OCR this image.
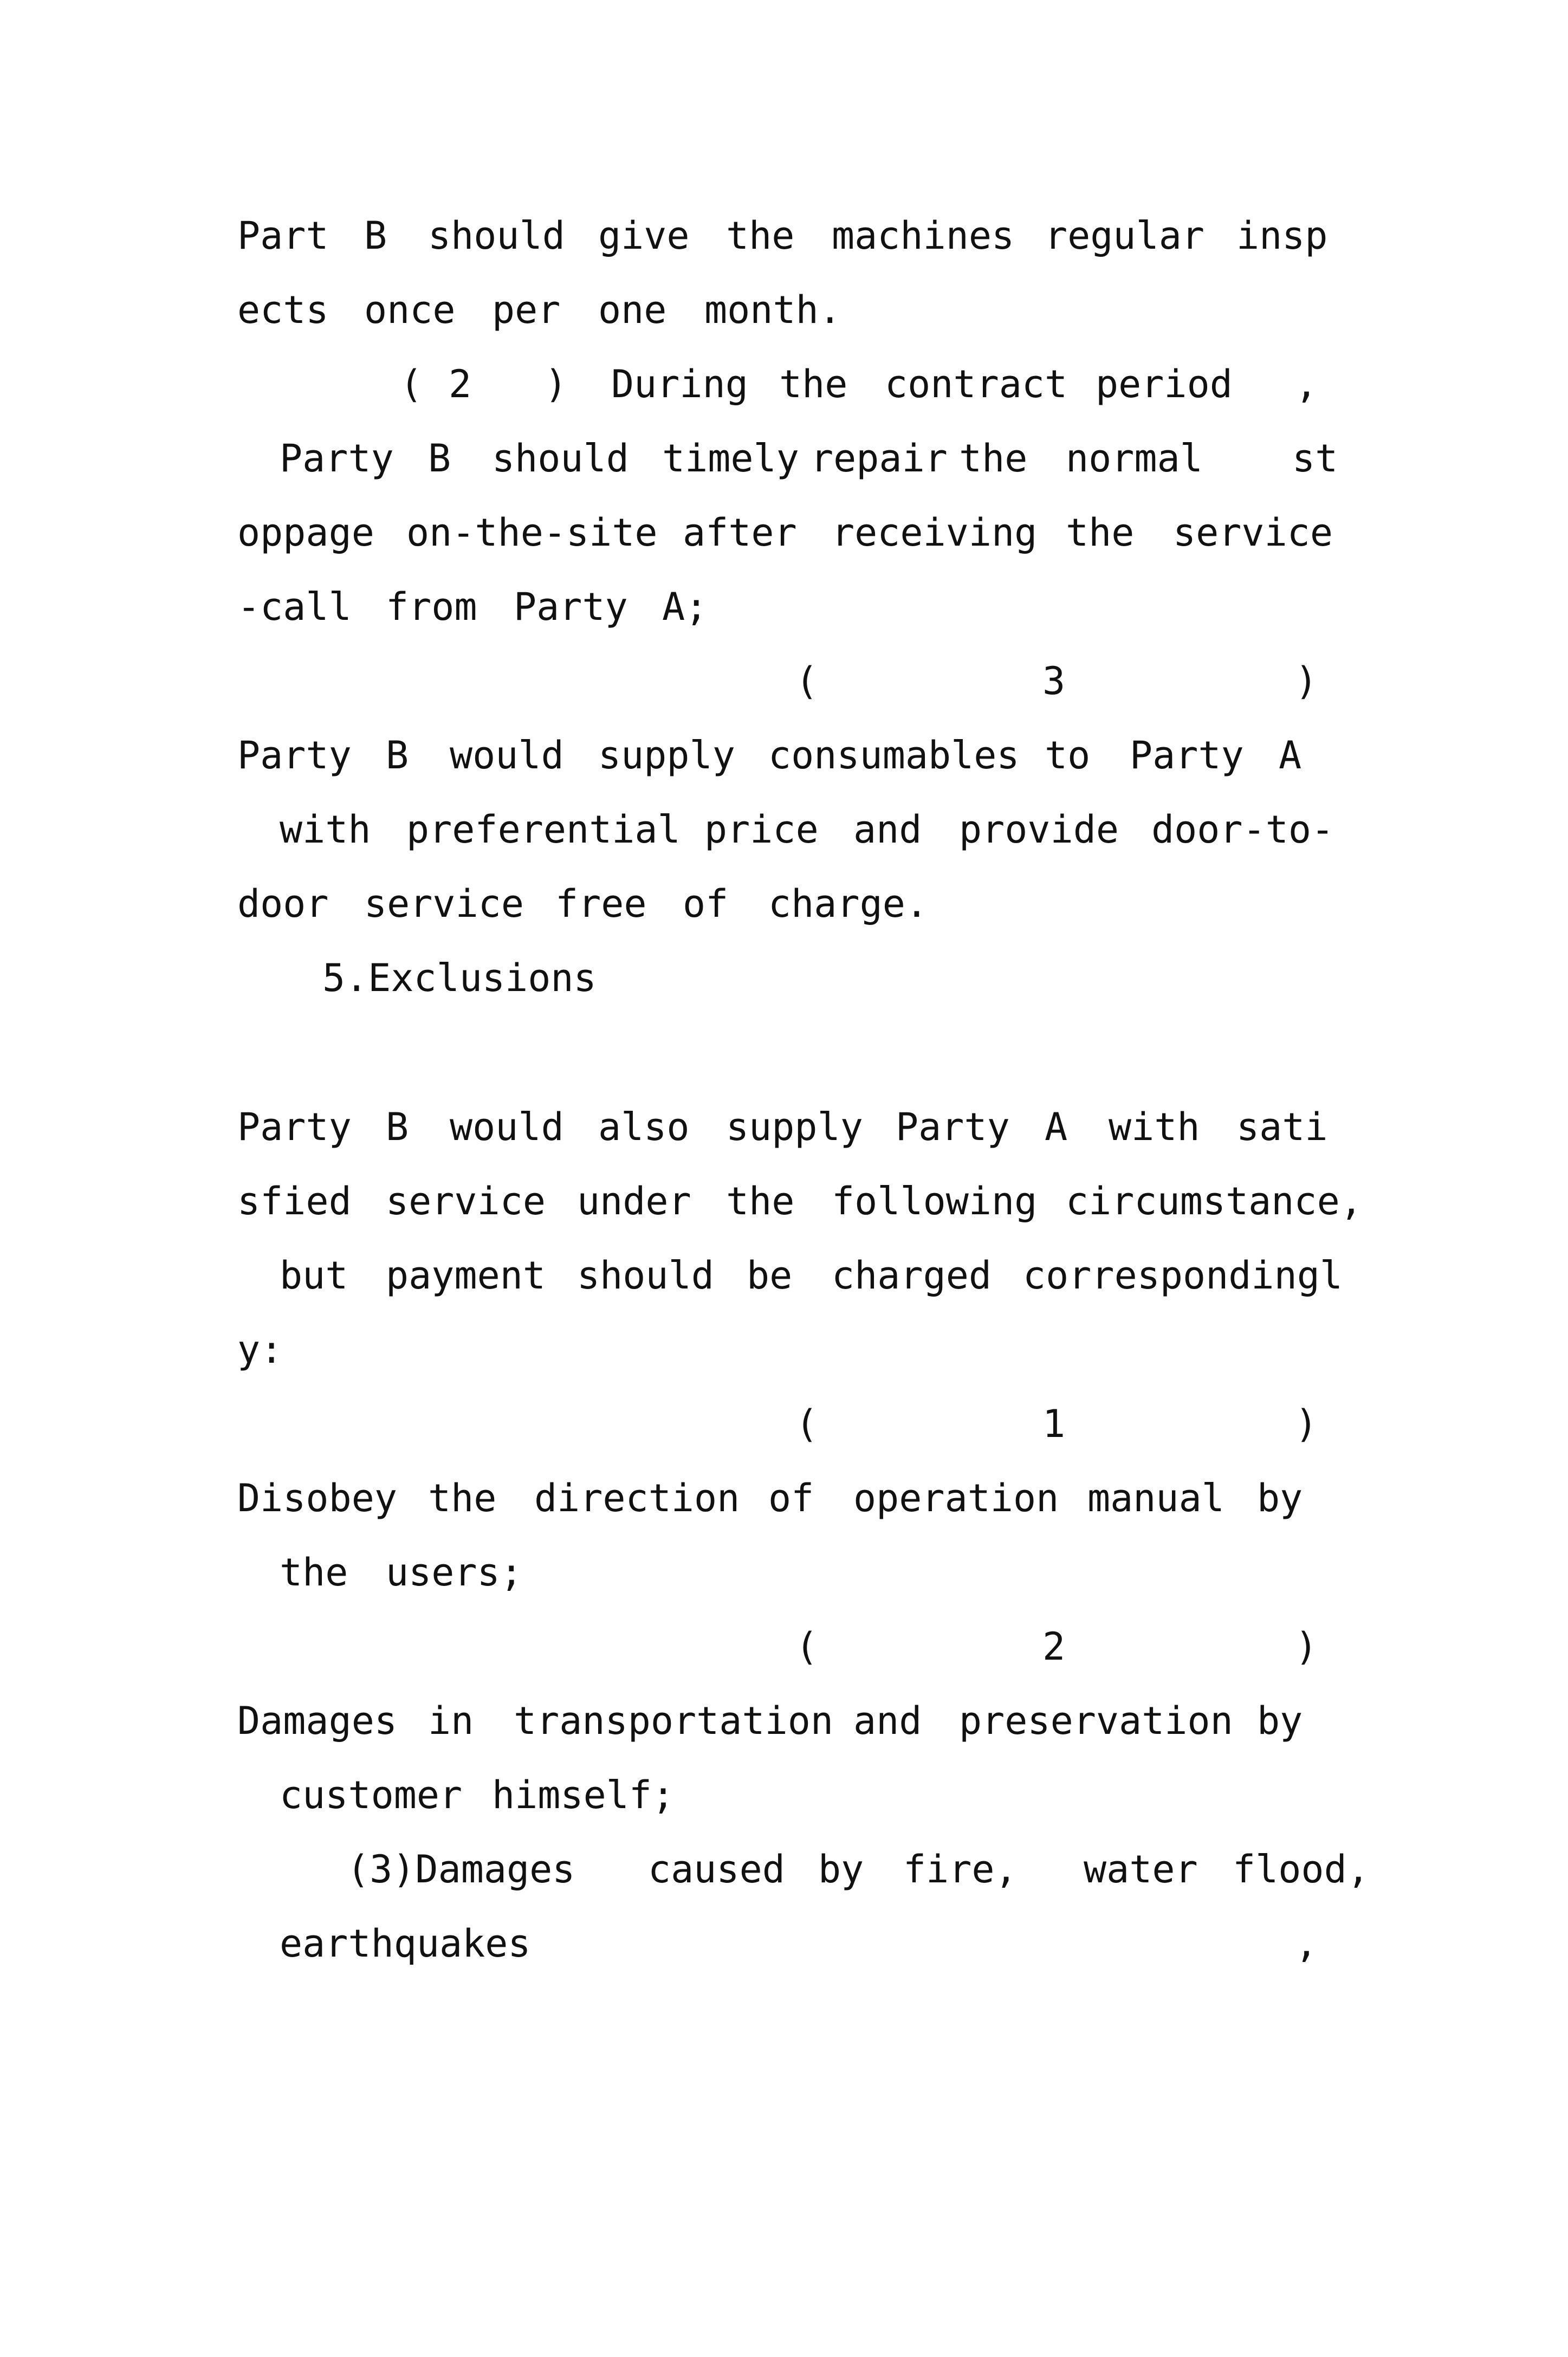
Part

B

should

give

the

machines

regular

insp

ects

once

per

one

month.

(

2

)

During

the

contract

period

,

Party

B

should

timely

repair

the

normal

st

oppage

on-the-site

after

receiving

the

service

-call

from

Party

A;

(

	3

	)

Party

B

would

supply

consumables

to

Party

A

with

preferential

price

and

provide

door-to-

door

service

free

of

charge.

5.Exclusions

Party

B

would

also

supply

Party

A

with

sati

sfied

service

under

the

following

circumstance,

but

payment

should

be

charged

correspondingl

y:

(

	1

	)

Disobey

the

direction

of

operation

manual

by

the

users;

(

	2

	)

Damages

in

transportation

and

preservation

by

customer

himself;

(3)Damages

caused

by

fire,

water

flood,

earthquakes

	,
